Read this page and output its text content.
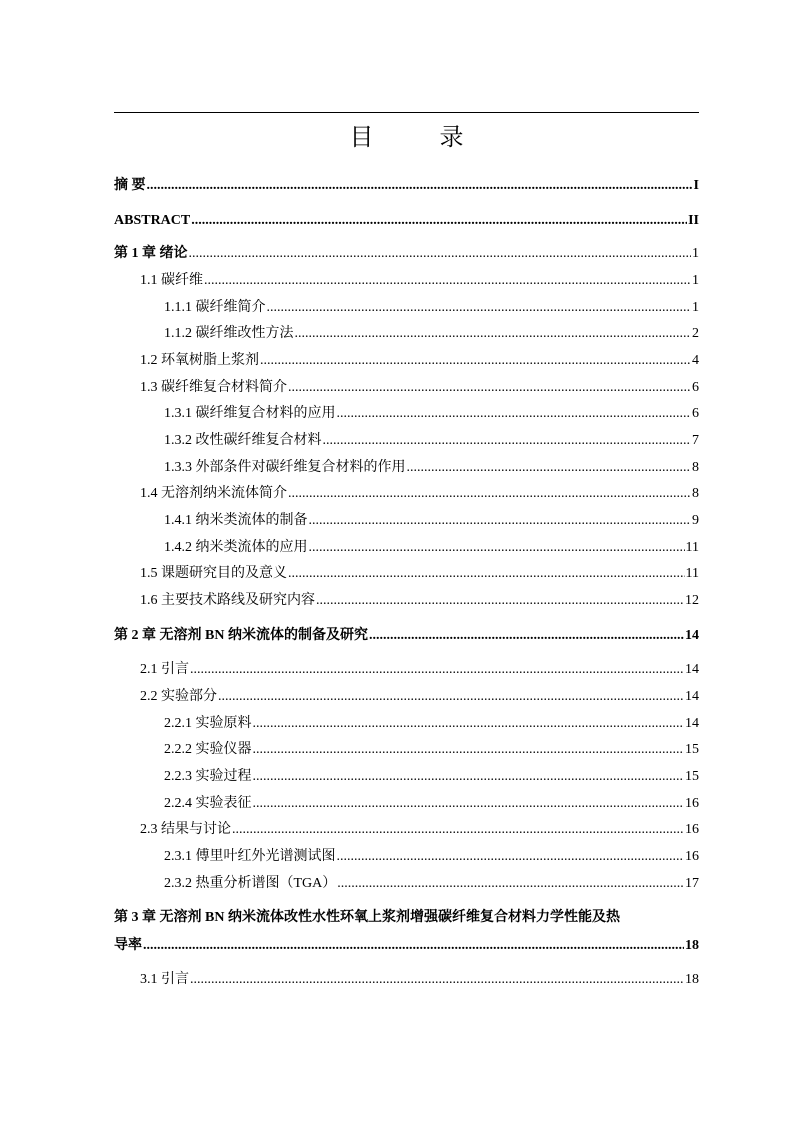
目 录
摘 要 .....	I
ABSTRACT .....	II
第 1 章 绪论 .....	1
1.1 碳纤维 .....	1
1.1.1 碳纤维简介 .....	1
1.1.2 碳纤维改性方法 .....	2
1.2 环氧树脂上浆剂 .....	4
1.3 碳纤维复合材料简介 .....	6
1.3.1 碳纤维复合材料的应用 .....	6
1.3.2 改性碳纤维复合材料 .....	7
1.3.3 外部条件对碳纤维复合材料的作用 .....	8
1.4 无溶剂纳米流体简介 .....	8
1.4.1 纳米类流体的制备 .....	9
1.4.2 纳米类流体的应用 .....	11
1.5 课题研究目的及意义 .....	11
1.6 主要技术路线及研究内容 .....	12
第 2 章 无溶剂 BN 纳米流体的制备及研究 .....	14
2.1 引言 .....	14
2.2 实验部分 .....	14
2.2.1 实验原料 .....	14
2.2.2 实验仪器 .....	15
2.2.3 实验过程 .....	15
2.2.4 实验表征 .....	16
2.3 结果与讨论 .....	16
2.3.1 傅里叶红外光谱测试图 .....	16
2.3.2 热重分析谱图（TGA） .....	17
第 3 章 无溶剂 BN 纳米流体改性水性环氧上浆剂增强碳纤维复合材料力学性能及热
导率 .....	18
3.1 引言 .....	18
